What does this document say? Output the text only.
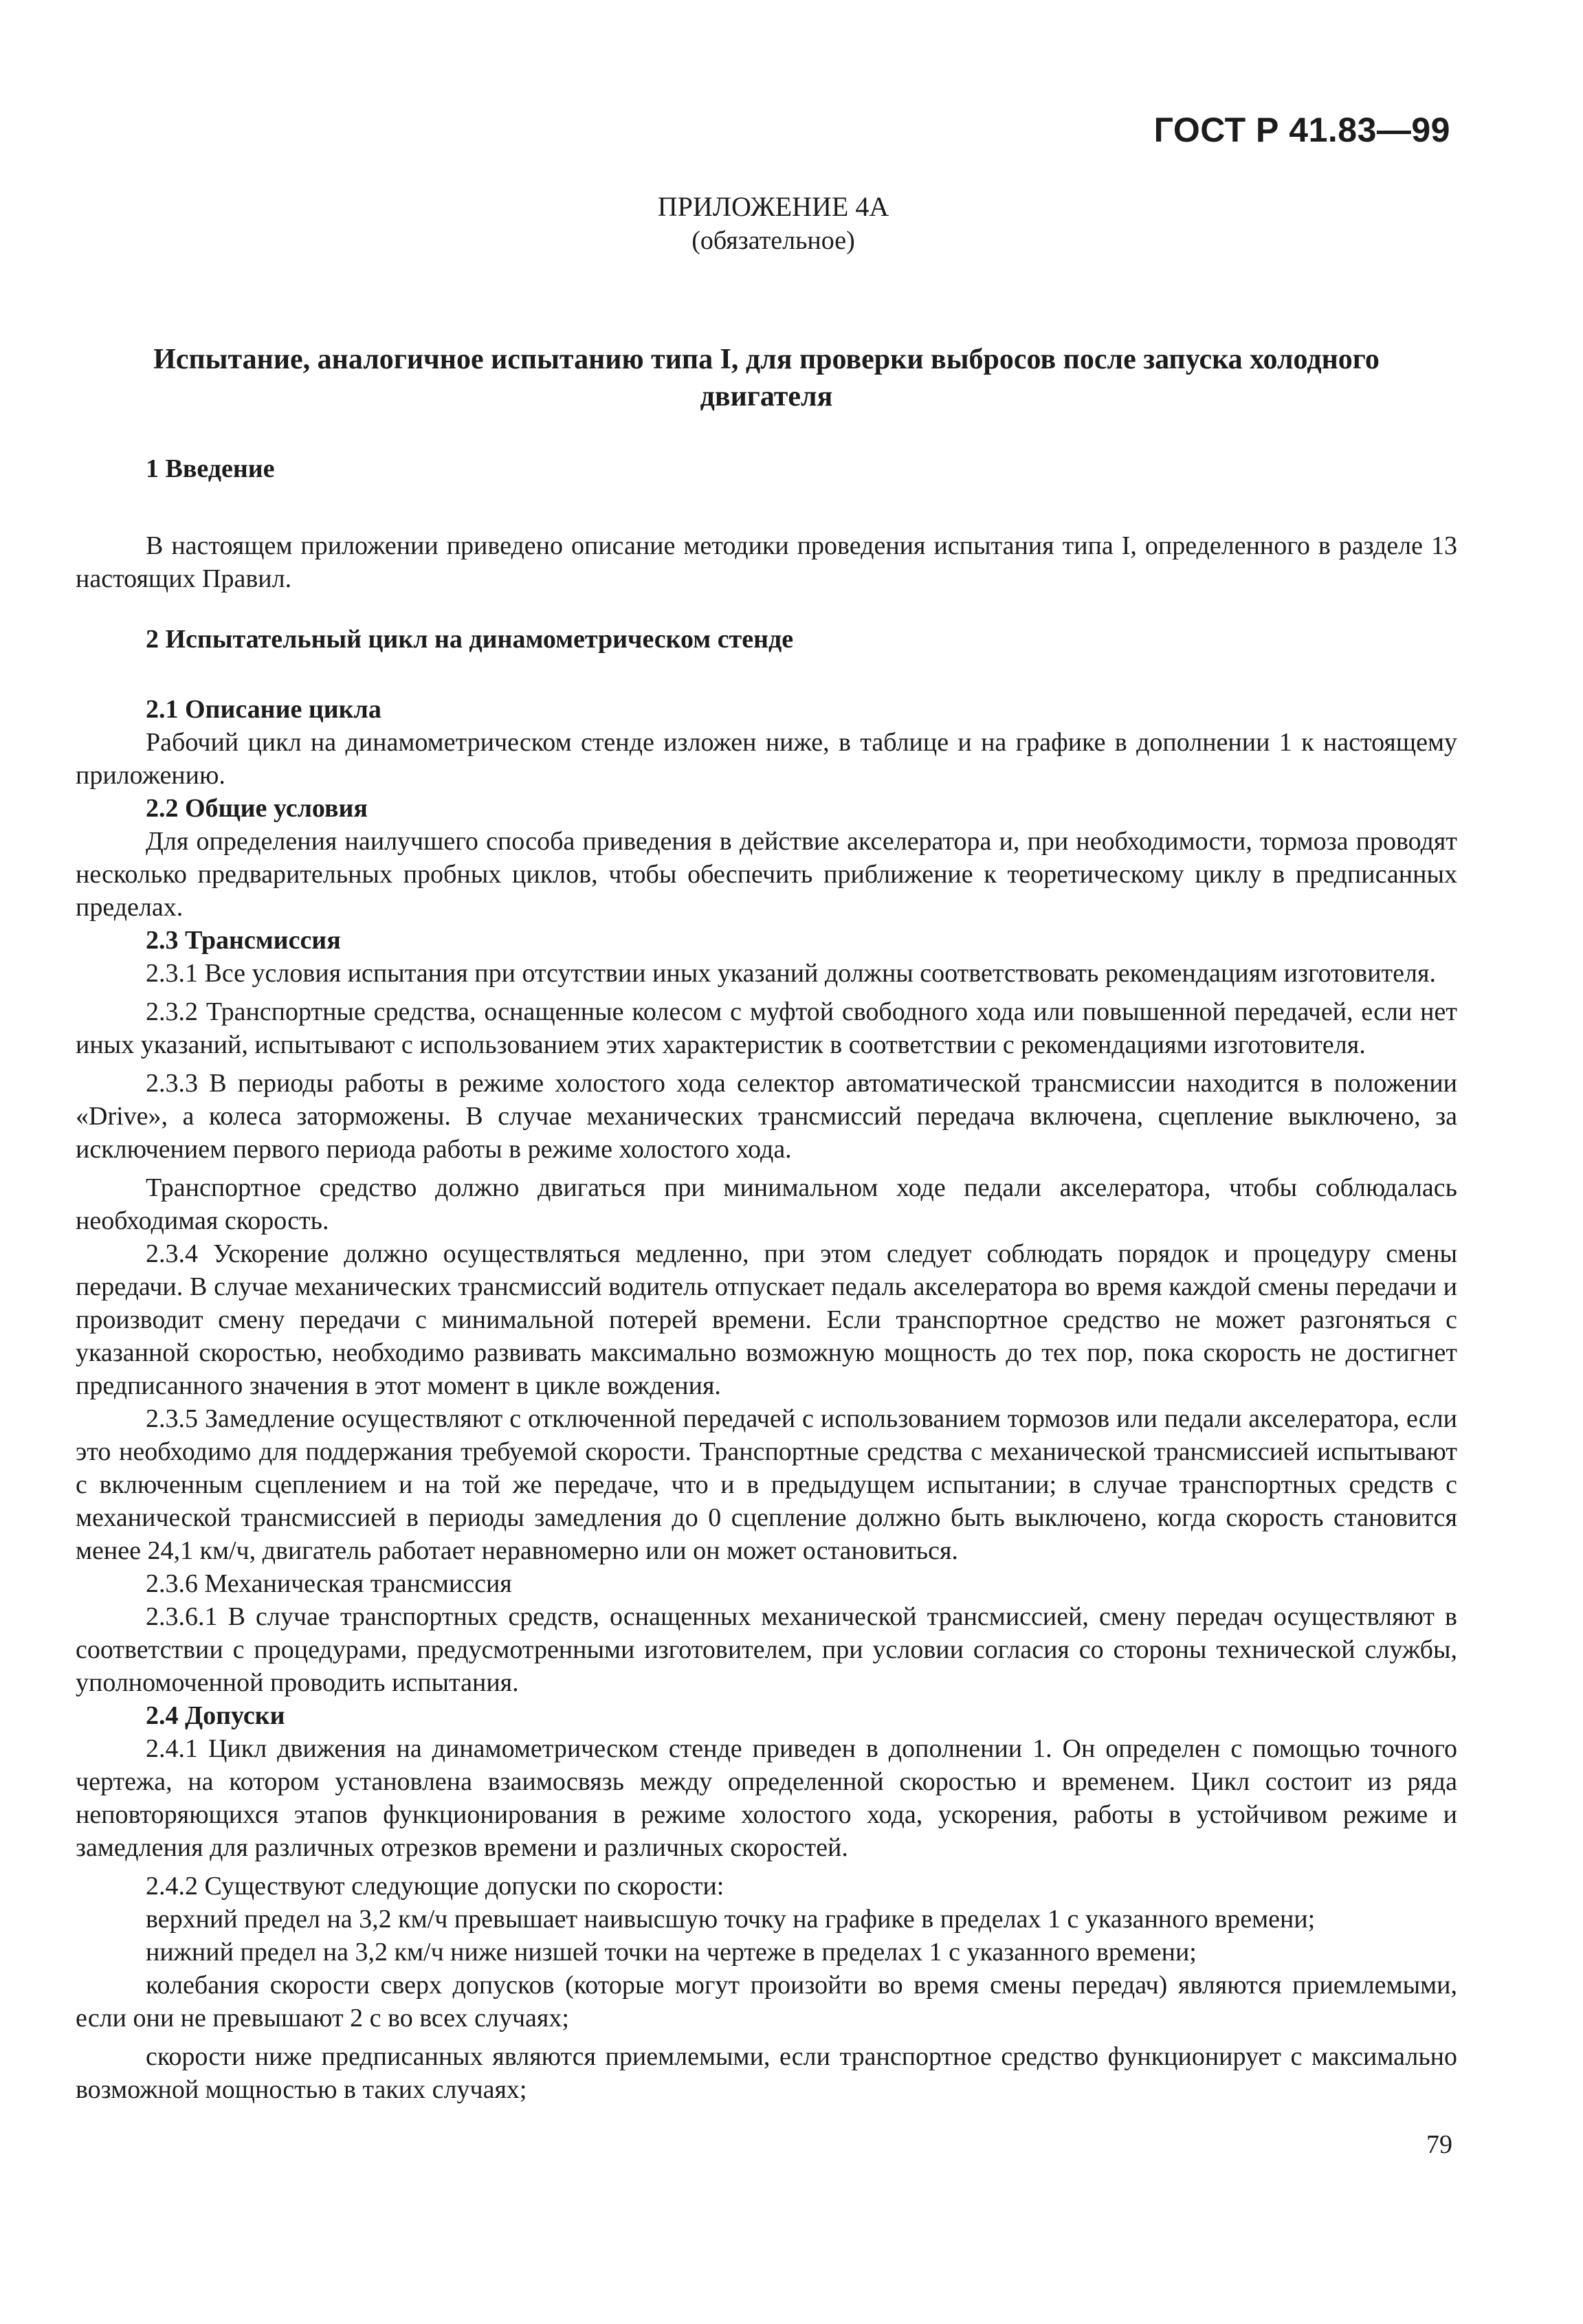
ГОСТ Р 41.83—99
ПРИЛОЖЕНИЕ 4А
(обязательное)
Испытание, аналогичное испытанию типа I, для проверки выбросов после запуска холодного двигателя
1 Введение

В настоящем приложении приведено описание методики проведения испытания типа I, определенного в разделе 13 настоящих Правил.

2 Испытательный цикл на динамометрическом стенде
2.1 Описание цикла

Рабочий цикл на динамометрическом стенде изложен ниже, в таблице и на графике в дополнении 1 к настоящему приложению.

2.2 Общие условия

Для определения наилучшего способа приведения в действие акселератора и, при необходимости, тормоза проводят несколько предварительных пробных циклов, чтобы обеспечить приближение к теоретическому циклу в предписанных пределах.

2.3 Трансмиссия

2.3.1 Все условия испытания при отсутствии иных указаний должны соответствовать рекомендациям изготовителя.

2.3.2 Транспортные средства, оснащенные колесом с муфтой свободного хода или повышенной передачей, если нет иных указаний, испытывают с использованием этих характеристик в соответствии с рекомендациями изготовителя.

2.3.3 В периоды работы в режиме холостого хода селектор автоматической трансмиссии находится в положении «Drive», а колеса заторможены. В случае механических трансмиссий передача включена, сцепление выключено, за исключением первого периода работы в режиме холостого хода.

Транспортное средство должно двигаться при минимальном ходе педали акселератора, чтобы соблюдалась необходимая скорость.

2.3.4 Ускорение должно осуществляться медленно, при этом следует соблюдать порядок и процедуру смены передачи. В случае механических трансмиссий водитель отпускает педаль акселератора во время каждой смены передачи и производит смену передачи с минимальной потерей времени. Если транспортное средство не может разгоняться с указанной скоростью, необходимо развивать максимально возможную мощность до тех пор, пока скорость не достигнет предписанного значения в этот момент в цикле вождения.

2.3.5 Замедление осуществляют с отключенной передачей с использованием тормозов или педали акселератора, если это необходимо для поддержания требуемой скорости. Транспортные средства с механической трансмиссией испытывают с включенным сцеплением и на той же передаче, что и в предыдущем испытании; в случае транспортных средств с механической трансмиссией в периоды замедления до 0 сцепление должно быть выключено, когда скорость становится менее 24,1 км/ч, двигатель работает неравномерно или он может остановиться.

2.3.6 Механическая трансмиссия

2.3.6.1 В случае транспортных средств, оснащенных механической трансмиссией, смену передач осуществляют в соответствии с процедурами, предусмотренными изготовителем, при условии согласия со стороны технической службы, уполномоченной проводить испытания.

2.4 Допуски

2.4.1 Цикл движения на динамометрическом стенде приведен в дополнении 1. Он определен с помощью точного чертежа, на котором установлена взаимосвязь между определенной скоростью и временем. Цикл состоит из ряда неповторяющихся этапов функционирования в режиме холостого хода, ускорения, работы в устойчивом режиме и замедления для различных отрезков времени и различных скоростей.

2.4.2 Существуют следующие допуски по скорости:

верхний предел на 3,2 км/ч превышает наивысшую точку на графике в пределах 1 с указанного времени;

нижний предел на 3,2 км/ч ниже низшей точки на чертеже в пределах 1 с указанного времени;

колебания скорости сверх допусков (которые могут произойти во время смены передач) являются приемлемыми, если они не превышают 2 с во всех случаях;

скорости ниже предписанных являются приемлемыми, если транспортное средство функционирует с максимально возможной мощностью в таких случаях;

79
